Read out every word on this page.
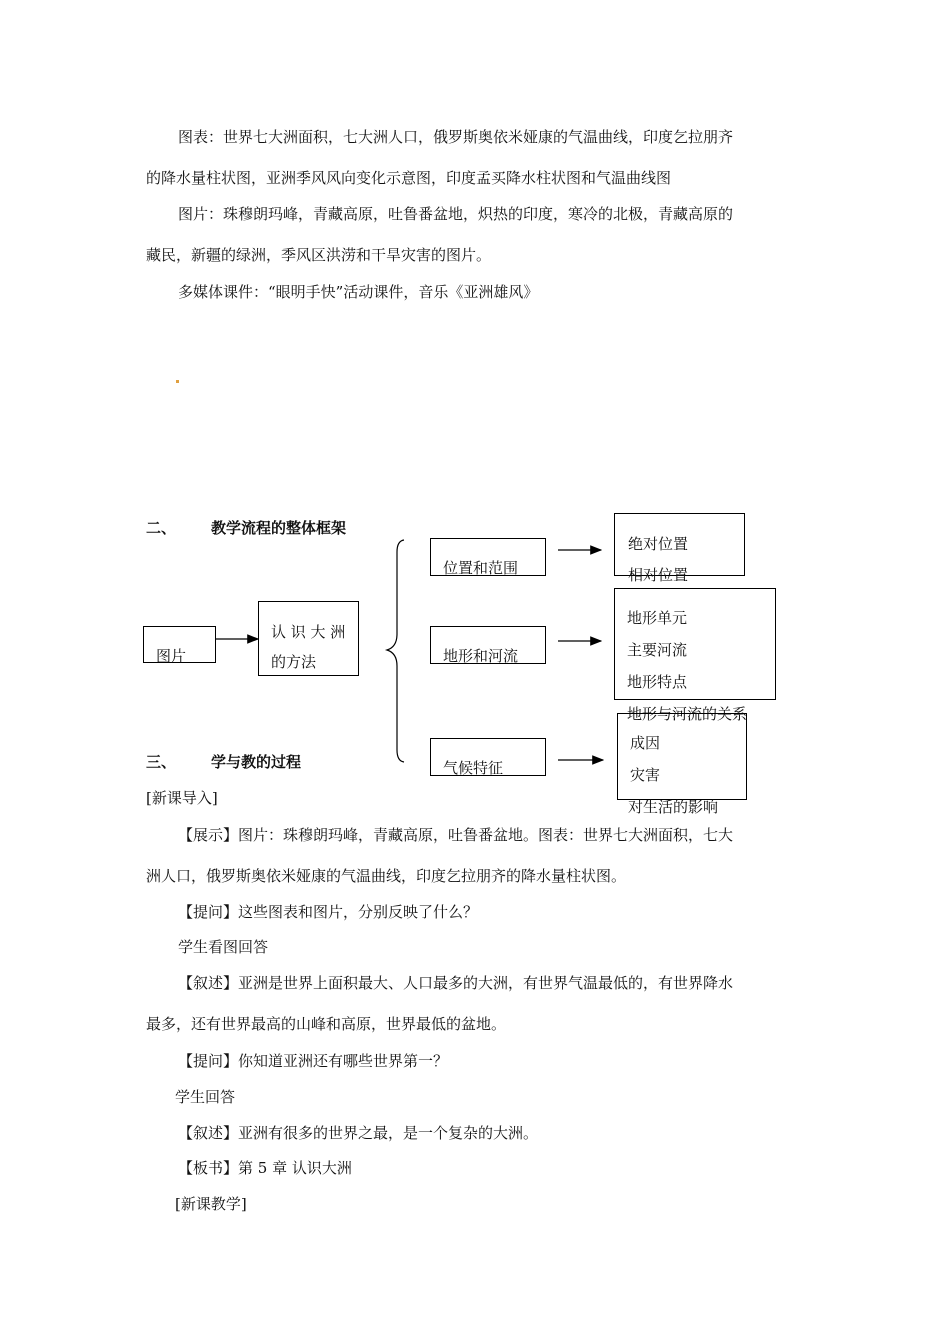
图表：世界七大洲面积，七大洲人口，俄罗斯奥依米娅康的气温曲线，印度乞拉朋齐
的降水量柱状图，亚洲季风风向变化示意图，印度孟买降水柱状图和气温曲线图
图片：珠穆朗玛峰，青藏高原，吐鲁番盆地，炽热的印度，寒冷的北极，青藏高原的
藏民，新疆的绿洲，季风区洪涝和干旱灾害的图片。
多媒体课件：“眼明手快”活动课件，音乐《亚洲雄风》
二、 教学流程的整体框架
图片
认 识 大 洲
的方法
位置和范围
地形和河流
气候特征
绝对位置
相对位置
地形单元
主要河流
地形特点
地形与河流的关系
成因
灾害
对生活的影响
三、 学与教的过程
[新课导入]
【展示】图片：珠穆朗玛峰，青藏高原，吐鲁番盆地。图表：世界七大洲面积，七大
洲人口，俄罗斯奥依米娅康的气温曲线，印度乞拉朋齐的降水量柱状图。
【提问】这些图表和图片，分别反映了什么？
学生看图回答
【叙述】亚洲是世界上面积最大、人口最多的大洲，有世界气温最低的，有世界降水
最多，还有世界最高的山峰和高原，世界最低的盆地。
【提问】你知道亚洲还有哪些世界第一？
学生回答
【叙述】亚洲有很多的世界之最，是一个复杂的大洲。
【板书】第 5 章 认识大洲
[新课教学]
